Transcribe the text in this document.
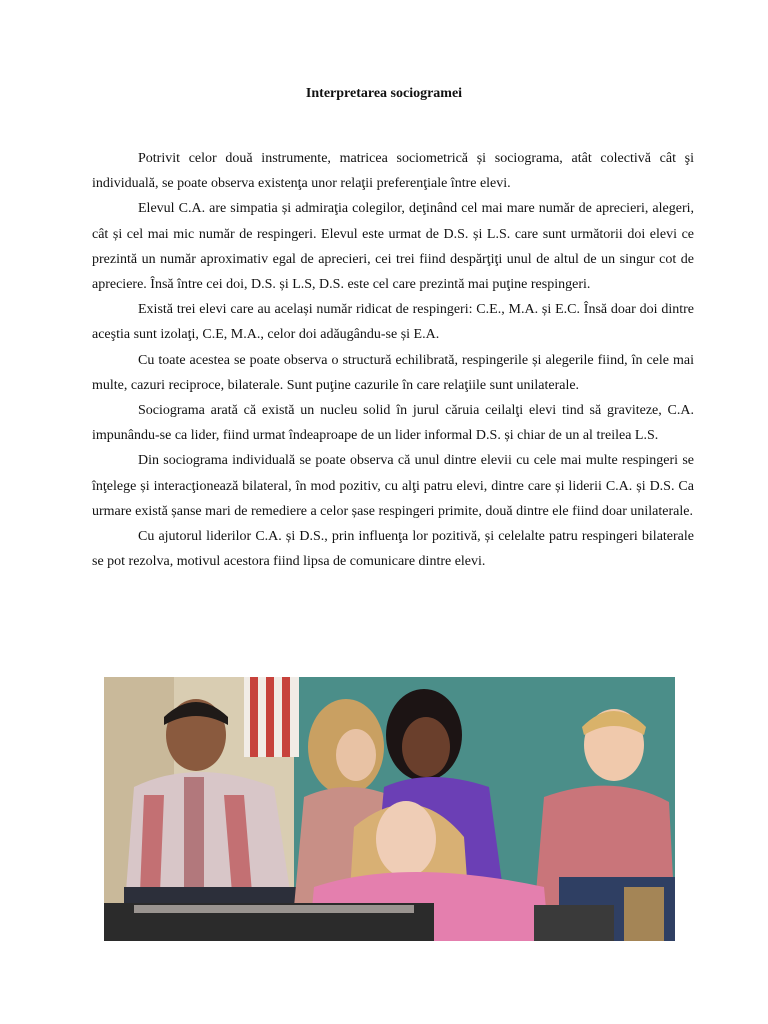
Interpretarea sociogramei

Potrivit celor două instrumente, matricea sociometrică și sociograma, atât colectivă cât şi individuală, se poate observa existenţa unor relaţii preferenţiale între elevi.

Elevul C.A. are simpatia și admiraţia colegilor, deţinând cel mai mare număr de aprecieri, alegeri, cât și cel mai mic număr de respingeri. Elevul este urmat de D.S. și L.S. care sunt următorii doi elevi ce prezintă un număr aproximativ egal de aprecieri, cei trei fiind despărţiţi unul de altul de un singur cot de apreciere. Însă între cei doi, D.S. și L.S, D.S. este cel care prezintă mai puţine respingeri.

Există trei elevi care au același număr ridicat de respingeri: C.E., M.A. și E.C. Însă doar doi dintre aceştia sunt izolaţi, C.E, M.A., celor doi adăugându-se și E.A.

Cu toate acestea se poate observa o structură echilibrată, respingerile și alegerile fiind, în cele mai multe, cazuri reciproce, bilaterale. Sunt puţine cazurile în care relaţiile sunt unilaterale.

Sociograma arată că există un nucleu solid în jurul căruia ceilalţi elevi tind să graviteze, C.A. impunându-se ca lider, fiind urmat îndeaproape de un lider informal D.S. și chiar de un al treilea L.S.

Din sociograma individuală se poate observa că unul dintre elevii cu cele mai multe respingeri se înţelege și interacţionează bilateral, în mod pozitiv, cu alţi patru elevi, dintre care și liderii C.A. și D.S. Ca urmare există șanse mari de remediere a celor șase respingeri primite, două dintre ele fiind doar unilaterale.

Cu ajutorul liderilor C.A. și D.S., prin influenţa lor pozitivă, și celelalte patru respingeri bilaterale se pot rezolva, motivul acestora fiind lipsa de comunicare dintre elevi.
